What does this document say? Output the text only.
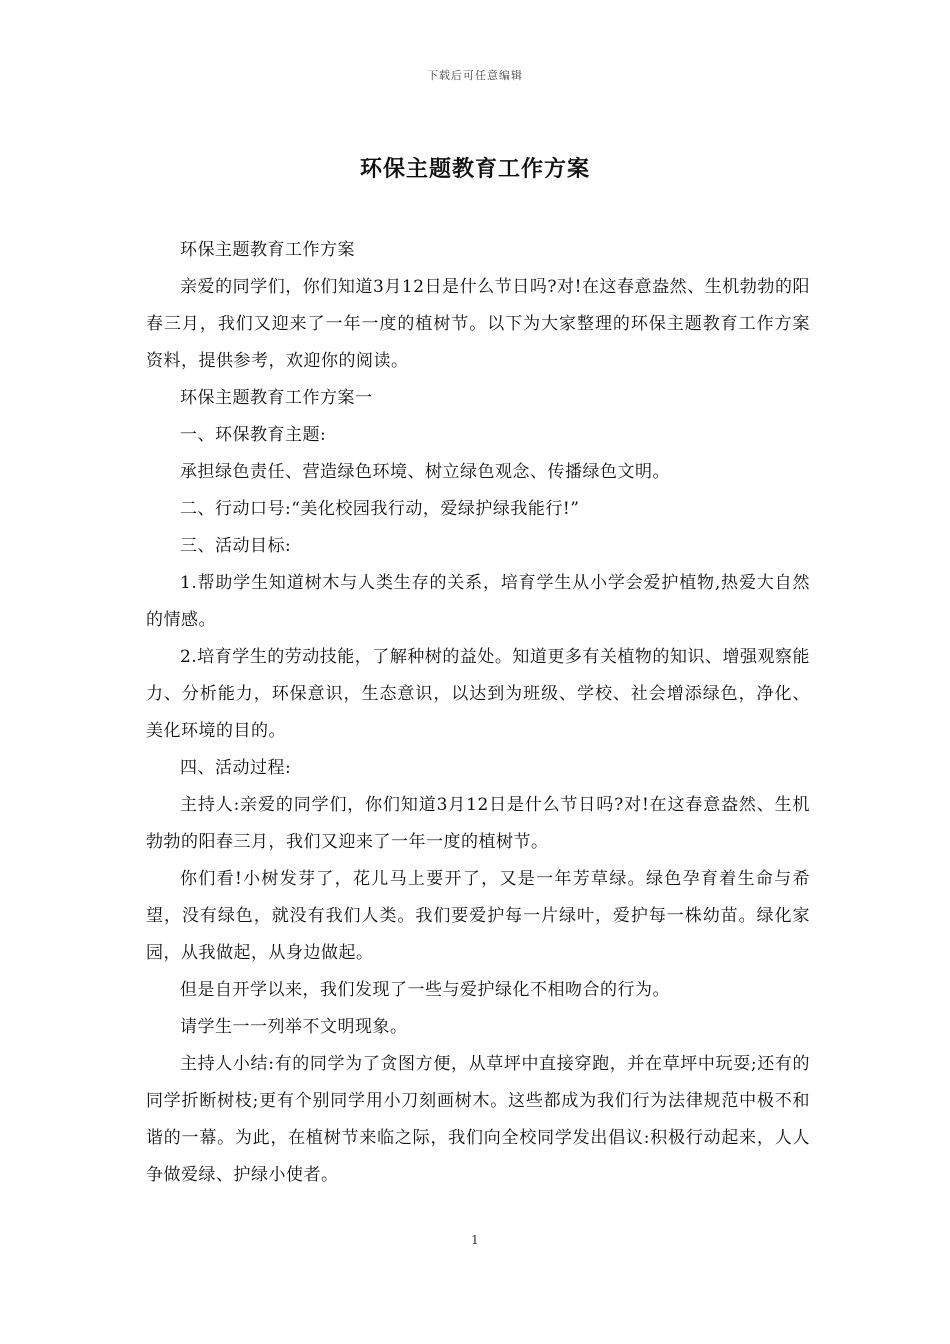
下载后可任意编辑
环保主题教育工作方案

环保主题教育工作方案

亲爱的同学们，你们知道3月12日是什么节日吗?对!在这春意盎然、生机勃勃的阳春三月，我们又迎来了一年一度的植树节。以下为大家整理的环保主题教育工作方案资料，提供参考，欢迎你的阅读。

环保主题教育工作方案一

一、环保教育主题:

承担绿色责任、营造绿色环境、树立绿色观念、传播绿色文明。

二、行动口号:“美化校园我行动，爱绿护绿我能行!”

三、活动目标:

1.帮助学生知道树木与人类生存的关系，培育学生从小学会爱护植物,热爱大自然的情感。

2.培育学生的劳动技能，了解种树的益处。知道更多有关植物的知识、增强观察能力、分析能力，环保意识，生态意识，以达到为班级、学校、社会增添绿色，净化、美化环境的目的。

四、活动过程:

主持人:亲爱的同学们，你们知道3月12日是什么节日吗?对!在这春意盎然、生机勃勃的阳春三月，我们又迎来了一年一度的植树节。

你们看!小树发芽了，花儿马上要开了，又是一年芳草绿。绿色孕育着生命与希望，没有绿色，就没有我们人类。我们要爱护每一片绿叶，爱护每一株幼苗。绿化家园，从我做起，从身边做起。

但是自开学以来，我们发现了一些与爱护绿化不相吻合的行为。

请学生一一列举不文明现象。

主持人小结:有的同学为了贪图方便，从草坪中直接穿跑，并在草坪中玩耍;还有的同学折断树枝;更有个别同学用小刀刻画树木。这些都成为我们行为法律规范中极不和谐的一幕。为此，在植树节来临之际，我们向全校同学发出倡议:积极行动起来，人人争做爱绿、护绿小使者。

1
